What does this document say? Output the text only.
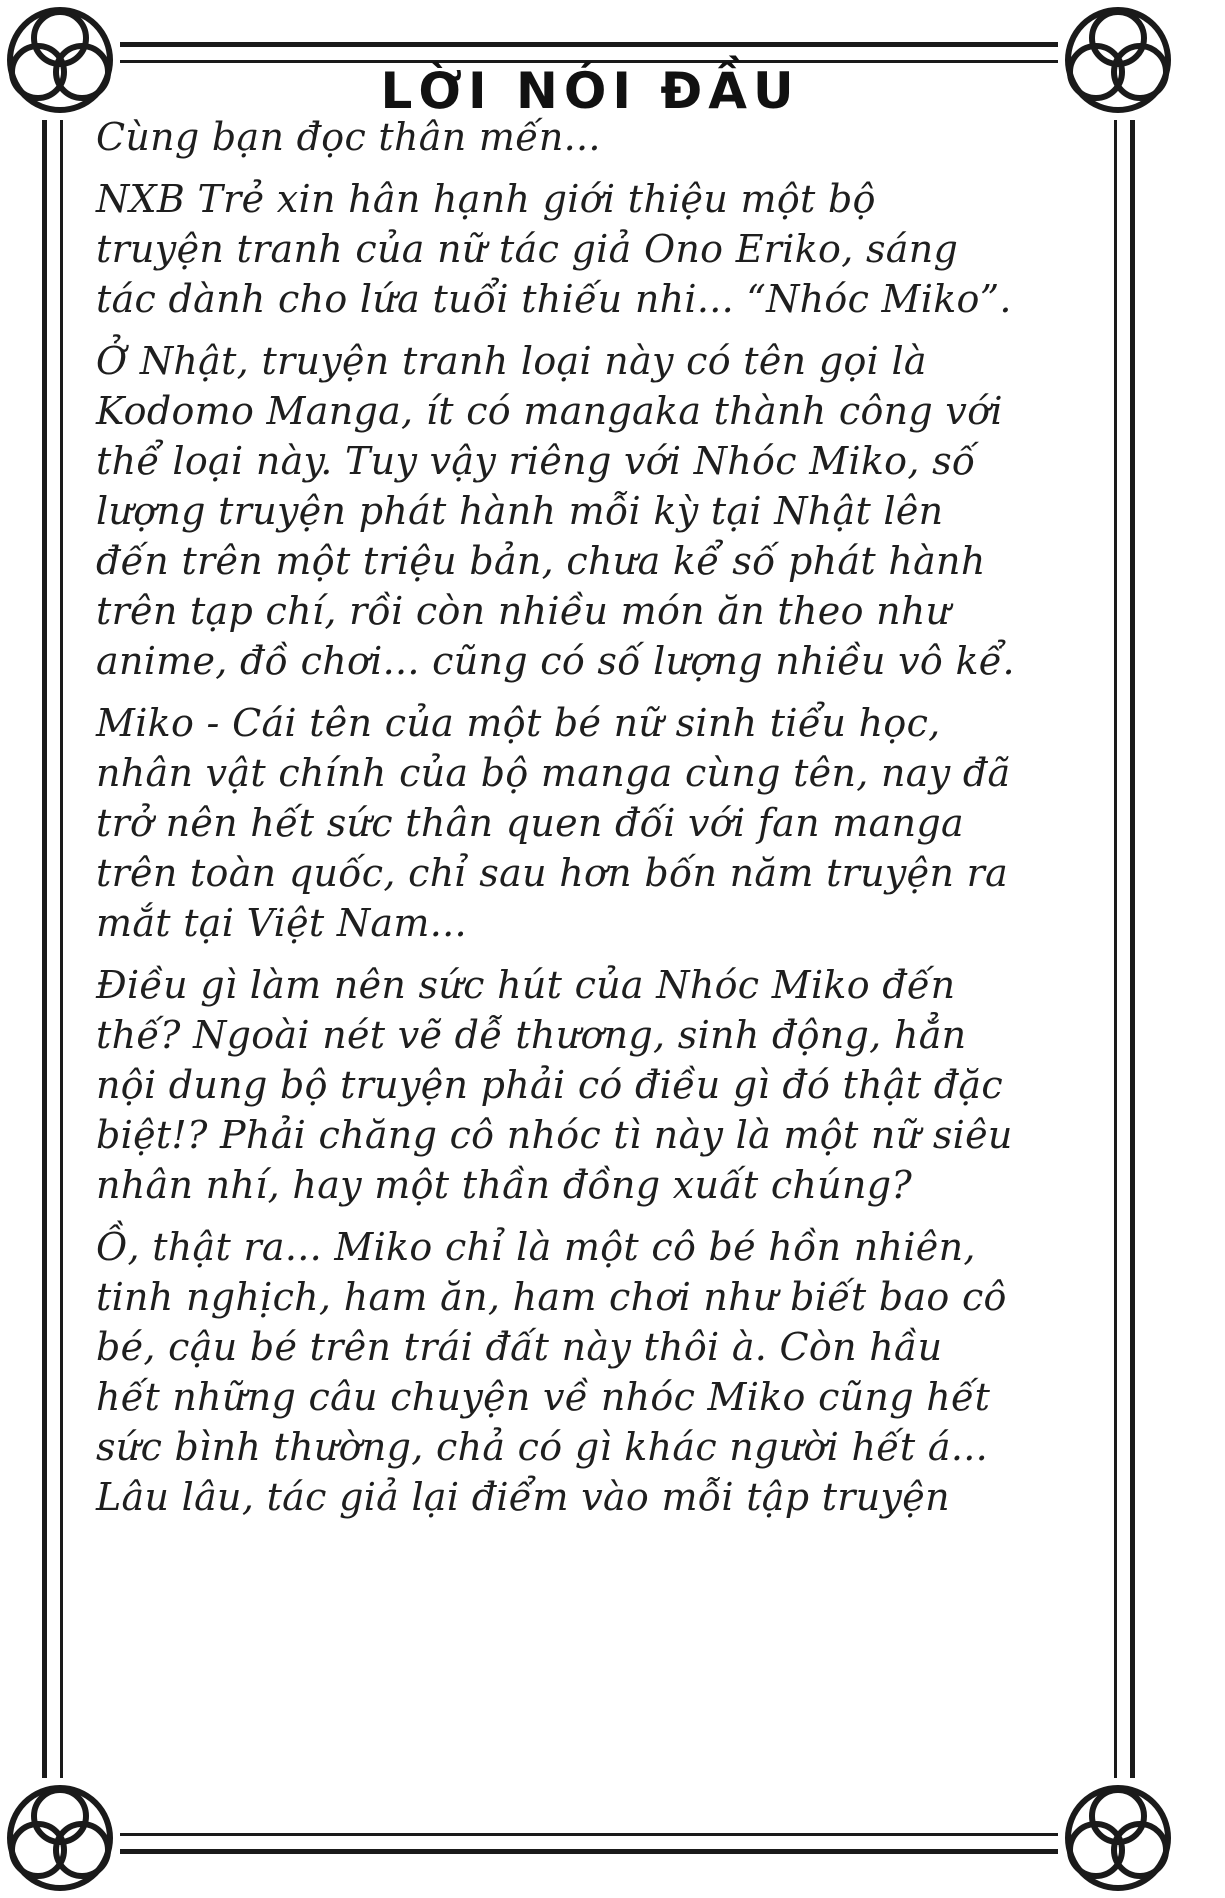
LỜI NÓI ĐẦU
Cùng bạn đọc thân mến...
NXB Trẻ xin hân hạnh giới thiệu một bộ
truyện tranh của nữ tác giả Ono Eriko, sáng
tác dành cho lứa tuổi thiếu nhi... “Nhóc Miko”.
Ở Nhật, truyện tranh loại này có tên gọi là
Kodomo Manga, ít có mangaka thành công với
thể loại này. Tuy vậy riêng với Nhóc Miko, số
lượng truyện phát hành mỗi kỳ tại Nhật lên
đến trên một triệu bản, chưa kể số phát hành
trên tạp chí, rồi còn nhiều món ăn theo như
anime, đồ chơi... cũng có số lượng nhiều vô kể.
Miko - Cái tên của một bé nữ sinh tiểu học,
nhân vật chính của bộ manga cùng tên, nay đã
trở nên hết sức thân quen đối với fan manga
trên toàn quốc, chỉ sau hơn bốn năm truyện ra
mắt tại Việt Nam...
Điều gì làm nên sức hút của Nhóc Miko đến
thế? Ngoài nét vẽ dễ thương, sinh động, hẳn
nội dung bộ truyện phải có điều gì đó thật đặc
biệt!? Phải chăng cô nhóc tì này là một nữ siêu
nhân nhí, hay một thần đồng xuất chúng?
Ồ, thật ra... Miko chỉ là một cô bé hồn nhiên,
tinh nghịch, ham ăn, ham chơi như biết bao cô
bé, cậu bé trên trái đất này thôi à. Còn hầu
hết những câu chuyện về nhóc Miko cũng hết
sức bình thường, chả có gì khác người hết á...
Lâu lâu, tác giả lại điểm vào mỗi tập truyện
